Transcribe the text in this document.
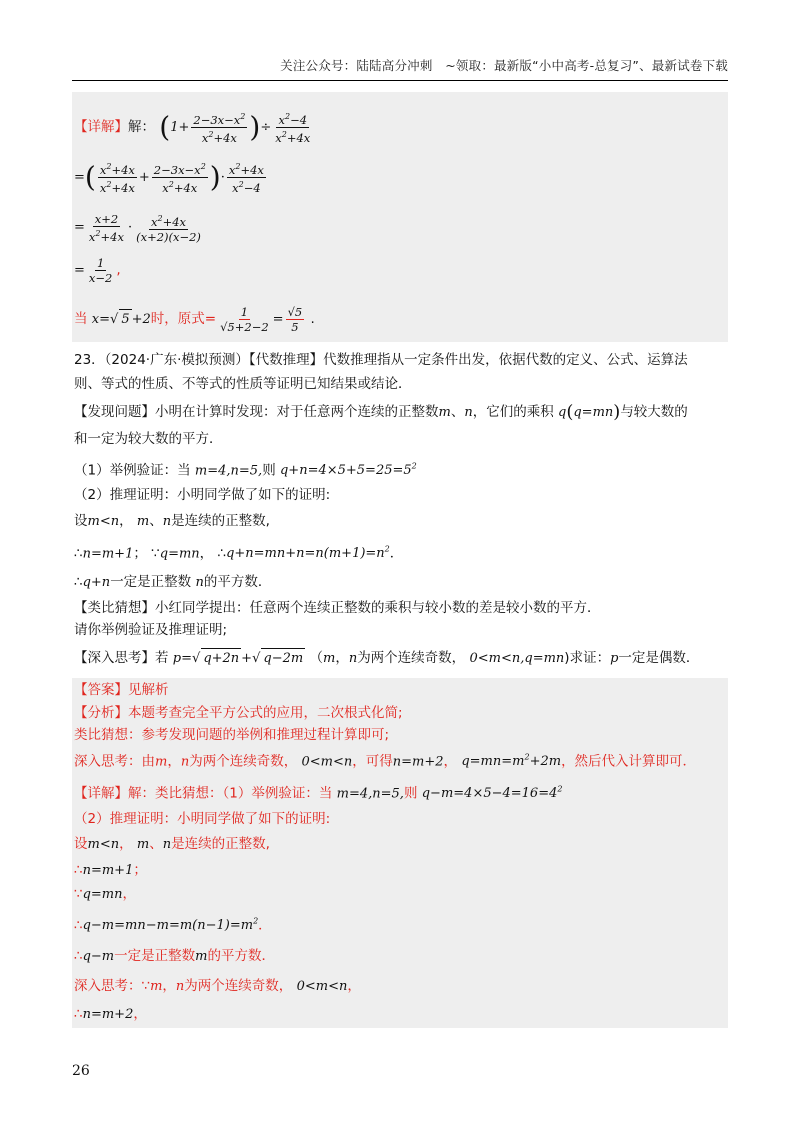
关注公众号：陆陆高分冲刺　~领取：最新版“小中高考-总复习”、最新试卷下载
【详解】解： ($1+ \frac{2-3x-x^2}{x^2+4x}$ )÷ $\frac{x^2-4}{x^2+4x}$
=( $\frac{x^2+4x}{x^2+4x} + \frac{2-3x-x^2}{x^2+4x}$ )· $\frac{x^2+4x}{x^2-4}$
= $\frac{x+2}{x^2+4x} \cdot \frac{x^2+4x}{(x+2)(x-2)}$
= $\frac{1}{x-2}$ ,
当 x=√ 5 +2时，原式= $\frac{1}{√5+2-2} = \frac{√5}{5}$ .
23．（2024·广东·模拟预测）【代数推理】代数推理指从一定条件出发，依据代数的定义、公式、运算法
则、等式的性质、不等式的性质等证明已知结果或结论．
【发现问题】小明在计算时发现：对于任意两个连续的正整数m、n，它们的乘积 q(q=mn)与较大数的
和一定为较大数的平方．
（1）举例验证：当 m=4,n=5,则 $q+n=4\times 5+5=25=5^2$
（2）推理证明：小明同学做了如下的证明:
设m<n， m、n是连续的正整数,
∴n=m+1； ∵q=mn， $\therefore q+n=mn+n=n(m+1)=n^2$．
∴q+n一定是正整数 n的平方数．
【类比猜想】小红同学提出：任意两个连续正整数的乘积与较小数的差是较小数的平方．
请你举例验证及推理证明;
【深入思考】若 p=√ q+2n +√ q−2m （m，n为两个连续奇数， 0<m<n,q=mn)求证：p一定是偶数．
【答案】见解析
【分析】本题考查完全平方公式的应用，二次根式化简;
类比猜想：参考发现问题的举例和推理过程计算即可;
深入思考：由m，n为两个连续奇数， 0<m<n，可得n=m+2， $q=mn=m^2+2m$，然后代入计算即可．
【详解】解：类比猜想：（1）举例验证：当 m=4,n=5,则 $q-m=4\times 5-4=16=4^2$
（2）推理证明：小明同学做了如下的证明:
设m<n， m、n是连续的正整数,
∴n=m+1；
∵q=mn，
$\therefore q-m=mn-m=m(n-1)=m^2$．
∴q−m一定是正整数m的平方数．
深入思考：∵m，n为两个连续奇数， 0<m<n，
∴n=m+2，
26
